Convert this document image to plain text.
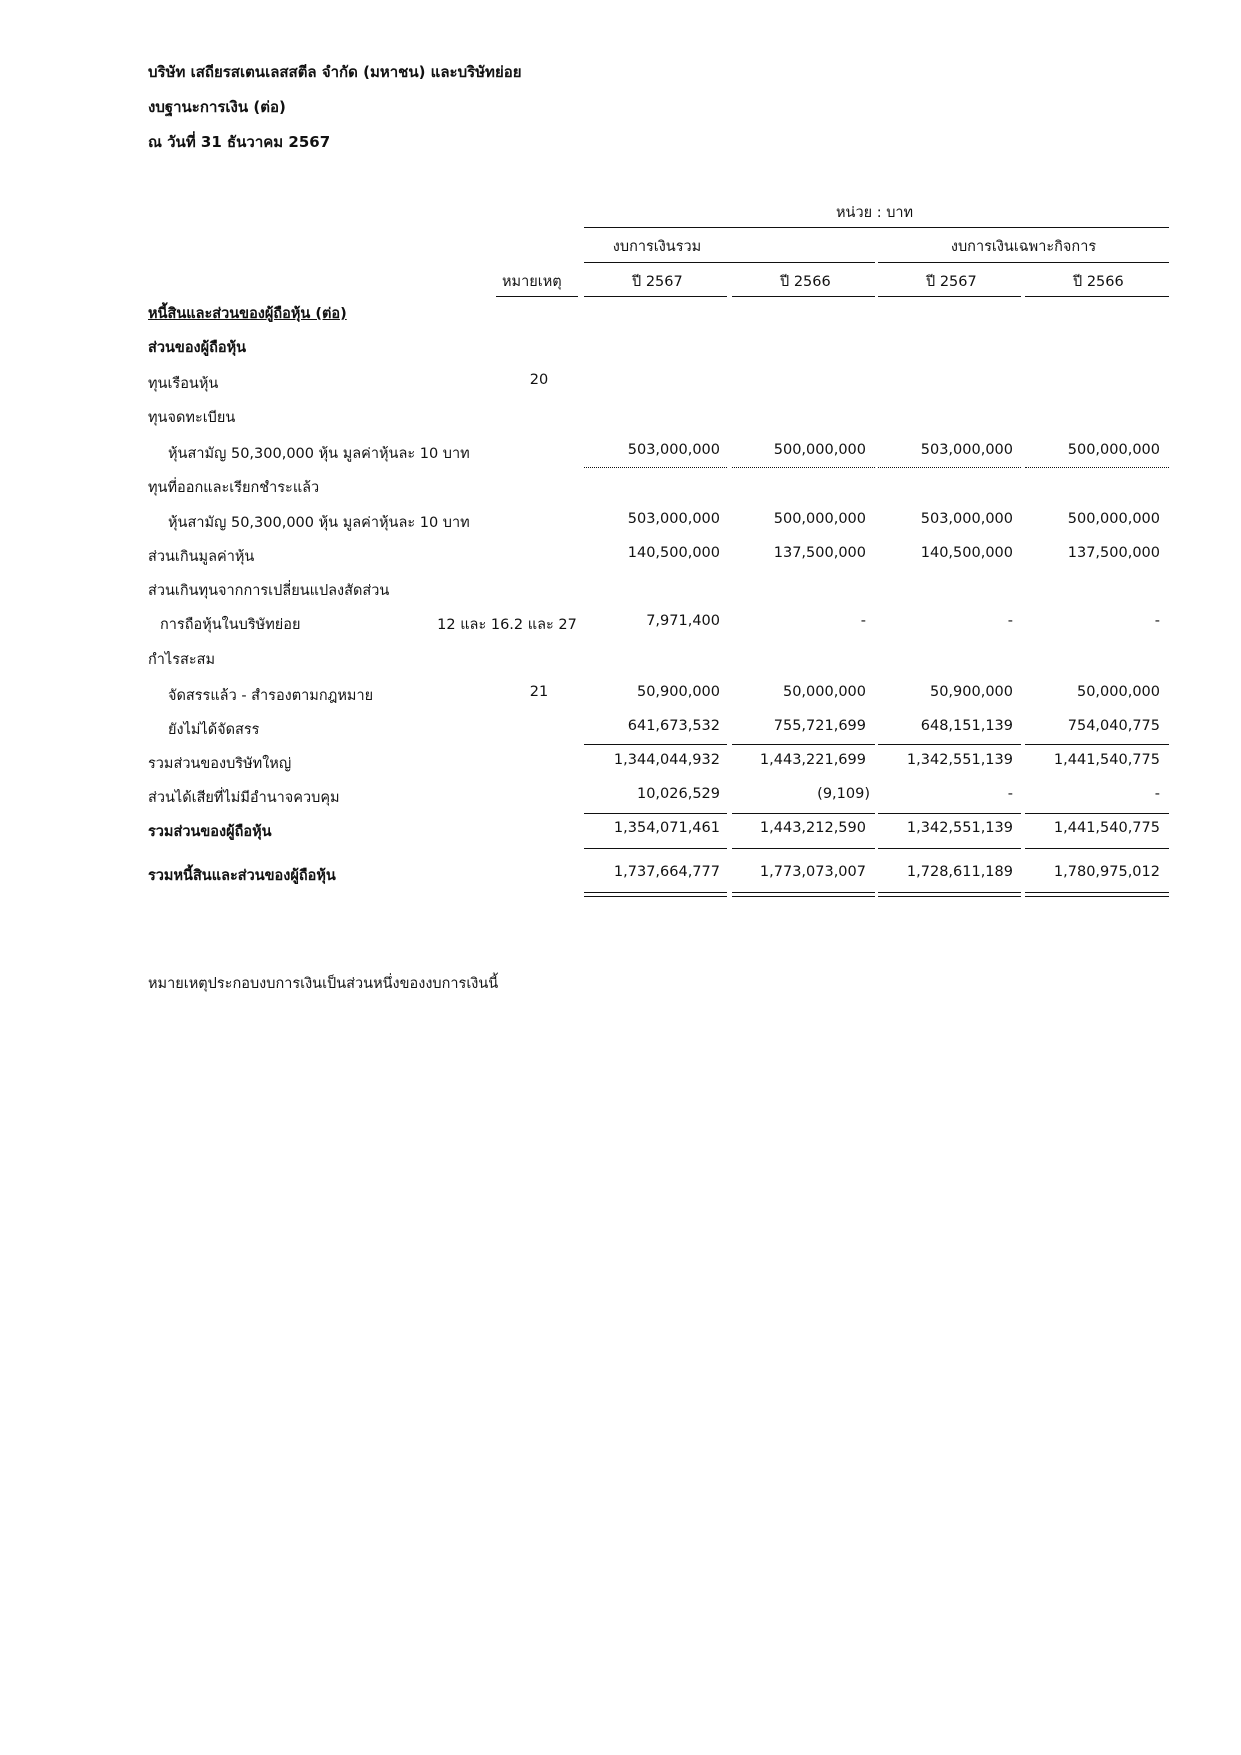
บริษัท เสถียรสเตนเลสสตีล จำกัด (มหาชน) และบริษัทย่อย
งบฐานะการเงิน (ต่อ)
ณ วันที่ 31 ธันวาคม 2567
หน่วย : บาท
งบการเงินรวม	งบการเงินเฉพาะกิจการ
หมายเหตุ	ปี 2567	ปี 2566	ปี 2567	ปี 2566
หนี้สินและส่วนของผู้ถือหุ้น (ต่อ)
ส่วนของผู้ถือหุ้น
ทุนเรือนหุ้น	20
ทุนจดทะเบียน
หุ้นสามัญ 50,300,000 หุ้น มูลค่าหุ้นละ 10 บาท	503,000,000	500,000,000	503,000,000	500,000,000
ทุนที่ออกและเรียกชำระแล้ว
หุ้นสามัญ 50,300,000 หุ้น มูลค่าหุ้นละ 10 บาท	503,000,000	500,000,000	503,000,000	500,000,000
ส่วนเกินมูลค่าหุ้น	140,500,000	137,500,000	140,500,000	137,500,000
ส่วนเกินทุนจากการเปลี่ยนแปลงสัดส่วน
การถือหุ้นในบริษัทย่อย	12 และ 16.2 และ 27	7,971,400	-	-	-
กำไรสะสม
จัดสรรแล้ว - สำรองตามกฎหมาย	21	50,900,000	50,000,000	50,900,000	50,000,000
ยังไม่ได้จัดสรร	641,673,532	755,721,699	648,151,139	754,040,775
รวมส่วนของบริษัทใหญ่	1,344,044,932	1,443,221,699	1,342,551,139	1,441,540,775
ส่วนได้เสียที่ไม่มีอำนาจควบคุม	10,026,529	(9,109)	-	-
รวมส่วนของผู้ถือหุ้น	1,354,071,461	1,443,212,590	1,342,551,139	1,441,540,775
รวมหนี้สินและส่วนของผู้ถือหุ้น	1,737,664,777	1,773,073,007	1,728,611,189	1,780,975,012
หมายเหตุประกอบงบการเงินเป็นส่วนหนึ่งของงบการเงินนี้
